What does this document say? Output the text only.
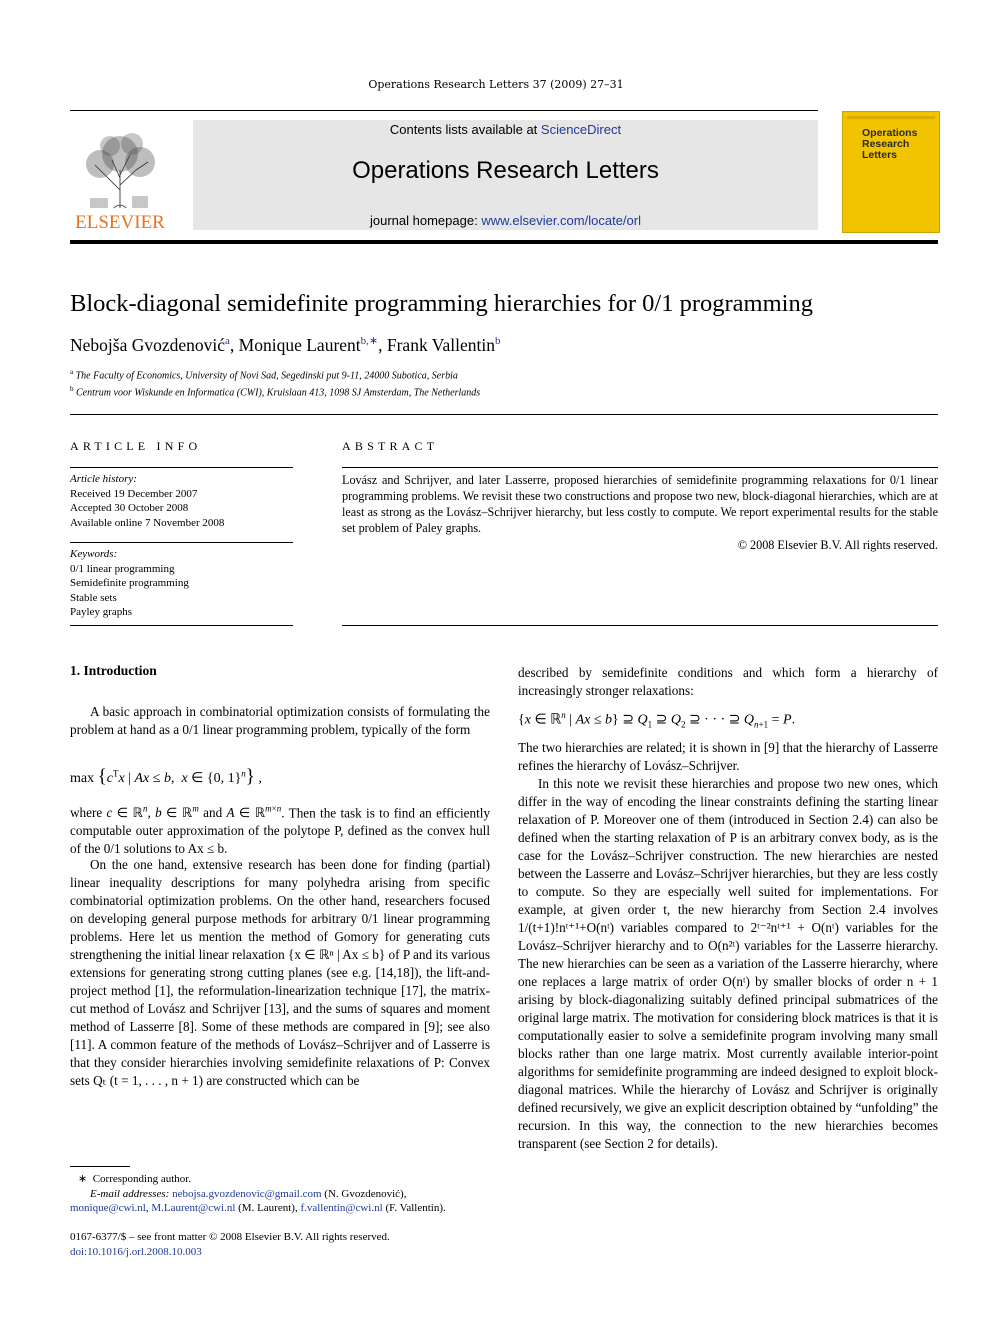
Operations Research Letters 37 (2009) 27–31
ELSEVIER
Contents lists available at ScienceDirect
Operations Research Letters
journal homepage: www.elsevier.com/locate/orl
Operations Research Letters
Block-diagonal semidefinite programming hierarchies for 0/1 programming
Nebojša Gvozdenović$^a$, Monique Laurent$^{b,∗}$, Frank Vallentin$^b$
$^a$ The Faculty of Economics, University of Novi Sad, Segedinski put 9-11, 24000 Subotica, Serbia
$^b$ Centrum voor Wiskunde en Informatica (CWI), Kruislaan 413, 1098 SJ Amsterdam, The Netherlands
ARTICLE INFO
Article history:
Received 19 December 2007
Accepted 30 October 2008
Available online 7 November 2008
Keywords:
0/1 linear programming
Semidefinite programming
Stable sets
Payley graphs
ABSTRACT
Lovász and Schrijver, and later Lasserre, proposed hierarchies of semidefinite programming relaxations for 0/1 linear programming problems. We revisit these two constructions and propose two new, block-diagonal hierarchies, which are at least as strong as the Lovász–Schrijver hierarchy, but less costly to compute. We report experimental results for the stable set problem of Paley graphs.
© 2008 Elsevier B.V. All rights reserved.
1. Introduction
A basic approach in combinatorial optimization consists of formulating the problem at hand as a 0/1 linear programming problem, typically of the form
$\max \{c^Tx$ | Ax ≤ b,  x ∈ {0, 1}$^n$} ,
where c ∈ ℝ$^n$, b ∈ ℝ$^m$ and A ∈ ℝ$^{m\times n}$. Then the task is to find an efficiently computable outer approximation of the polytope P, defined as the convex hull of the 0/1 solutions to Ax ≤ b.
On the one hand, extensive research has been done for finding (partial) linear inequality descriptions for many polyhedra arising from specific combinatorial optimization problems. On the other hand, researchers focused on developing general purpose methods for arbitrary 0/1 linear programming problems. Here let us mention the method of Gomory for generating cuts strengthening the initial linear relaxation {x ∈ ℝⁿ | Ax ≤ b} of P and its various extensions for generating strong cutting planes (see e.g. [14,18]), the lift-and-project method [1], the reformulation-linearization technique [17], the matrix-cut method of Lovász and Schrijver [13], and the sums of squares and moment method of Lasserre [8]. Some of these methods are compared in [9]; see also [11]. A common feature of the methods of Lovász–Schrijver and of Lasserre is that they consider hierarchies involving semidefinite relaxations of P: Convex sets Qₜ (t = 1, . . . , n + 1) are constructed which can be
∗ Corresponding author.
E-mail addresses: nebojsa.gvozdenovic@gmail.com (N. Gvozdenović),
monique@cwi.nl, M.Laurent@cwi.nl (M. Laurent), f.vallentin@cwi.nl (F. Vallentin).
0167-6377/$ – see front matter © 2008 Elsevier B.V. All rights reserved.
doi:10.1016/j.orl.2008.10.003
described by semidefinite conditions and which form a hierarchy of increasingly stronger relaxations:
{x ∈ ℝ$^n$ | Ax ≤ b} ⊇ $Q_1$ ⊇ $Q_2$ ⊇ · · · ⊇ $Q_{n+1} = P$.
The two hierarchies are related; it is shown in [9] that the hierarchy of Lasserre refines the hierarchy of Lovász–Schrijver.
In this note we revisit these hierarchies and propose two new ones, which differ in the way of encoding the linear constraints defining the starting linear relaxation of P. Moreover one of them (introduced in Section 2.4) can also be defined when the starting relaxation of P is an arbitrary convex body, as is the case for the Lovász–Schrijver construction. The new hierarchies are nested between the Lasserre and Lovász–Schrijver hierarchies, but they are less costly to compute. So they are especially well suited for implementations. For example, at given order t, the new hierarchy from Section 2.4 involves 1/(t+1)!nᵗ⁺¹+O(nᵗ) variables compared to 2ᵗ⁻²nᵗ⁺¹ + O(nᵗ) variables for the Lovász–Schrijver hierarchy and to O(n²ᵗ) variables for the Lasserre hierarchy. The new hierarchies can be seen as a variation of the Lasserre hierarchy, where one replaces a large matrix of order O(nᵗ) by smaller blocks of order n + 1 arising by block-diagonalizing suitably defined principal submatrices of the original large matrix. The motivation for considering block matrices is that it is computationally easier to solve a semidefinite program involving many small blocks rather than one large matrix. Most currently available interior-point algorithms for semidefinite programming are indeed designed to exploit block-diagonal matrices. While the hierarchy of Lovász and Schrijver is originally defined recursively, we give an explicit description obtained by “unfolding” the recursion. In this way, the connection to the new hierarchies becomes transparent (see Section 2 for details).
